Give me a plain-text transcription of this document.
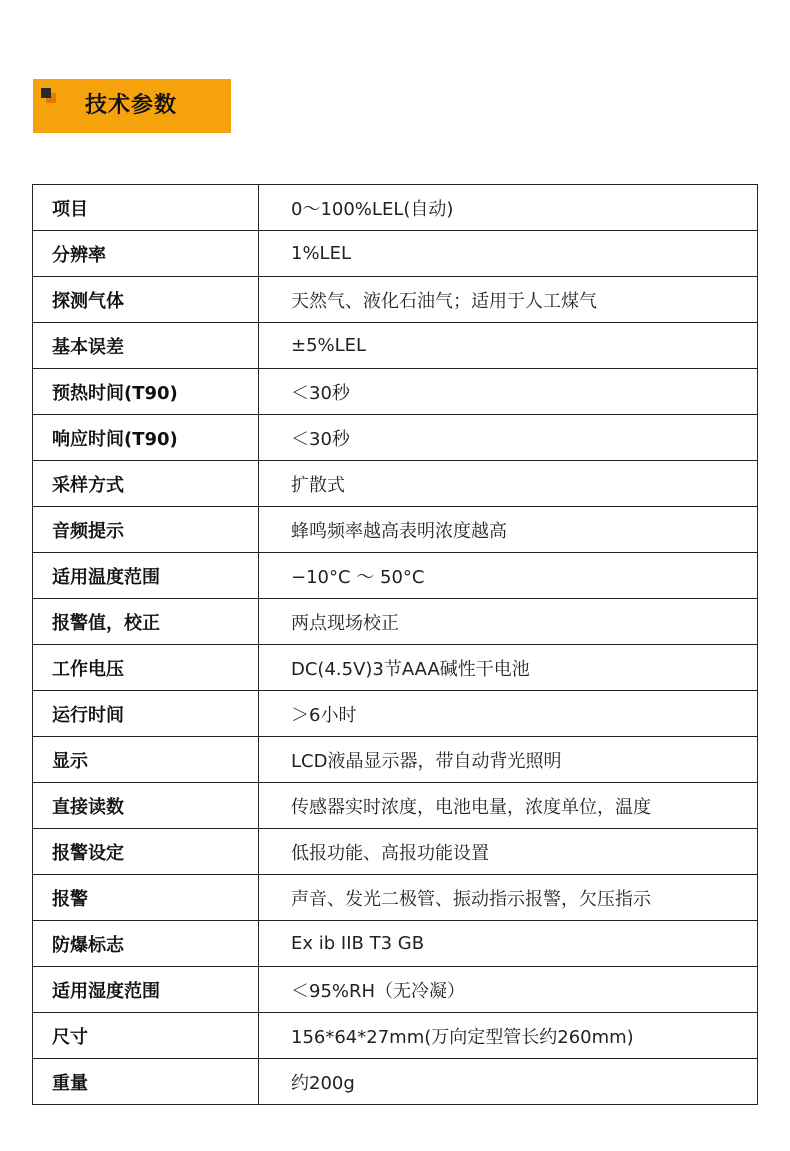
技术参数
项目	0～100%LEL(自动)
分辨率	1%LEL
探测气体	天然气、液化石油气；适用于人工煤气
基本误差	±5%LEL
预热时间(T90)	＜30秒
响应时间(T90)	＜30秒
采样方式	扩散式
音频提示	蜂鸣频率越高表明浓度越高
适用温度范围	−10°C ～ 50°C
报警值，校正	两点现场校正
工作电压	DC(4.5V)3节AAA碱性干电池
运行时间	＞6小时
显示	LCD液晶显示器，带自动背光照明
直接读数	传感器实时浓度，电池电量，浓度单位，温度
报警设定	低报功能、高报功能设置
报警	声音、发光二极管、振动指示报警，欠压指示
防爆标志	Ex ib IIB T3 GB
适用湿度范围	＜95%RH（无冷凝）
尺寸	156*64*27mm(万向定型管长约260mm)
重量	约200g
